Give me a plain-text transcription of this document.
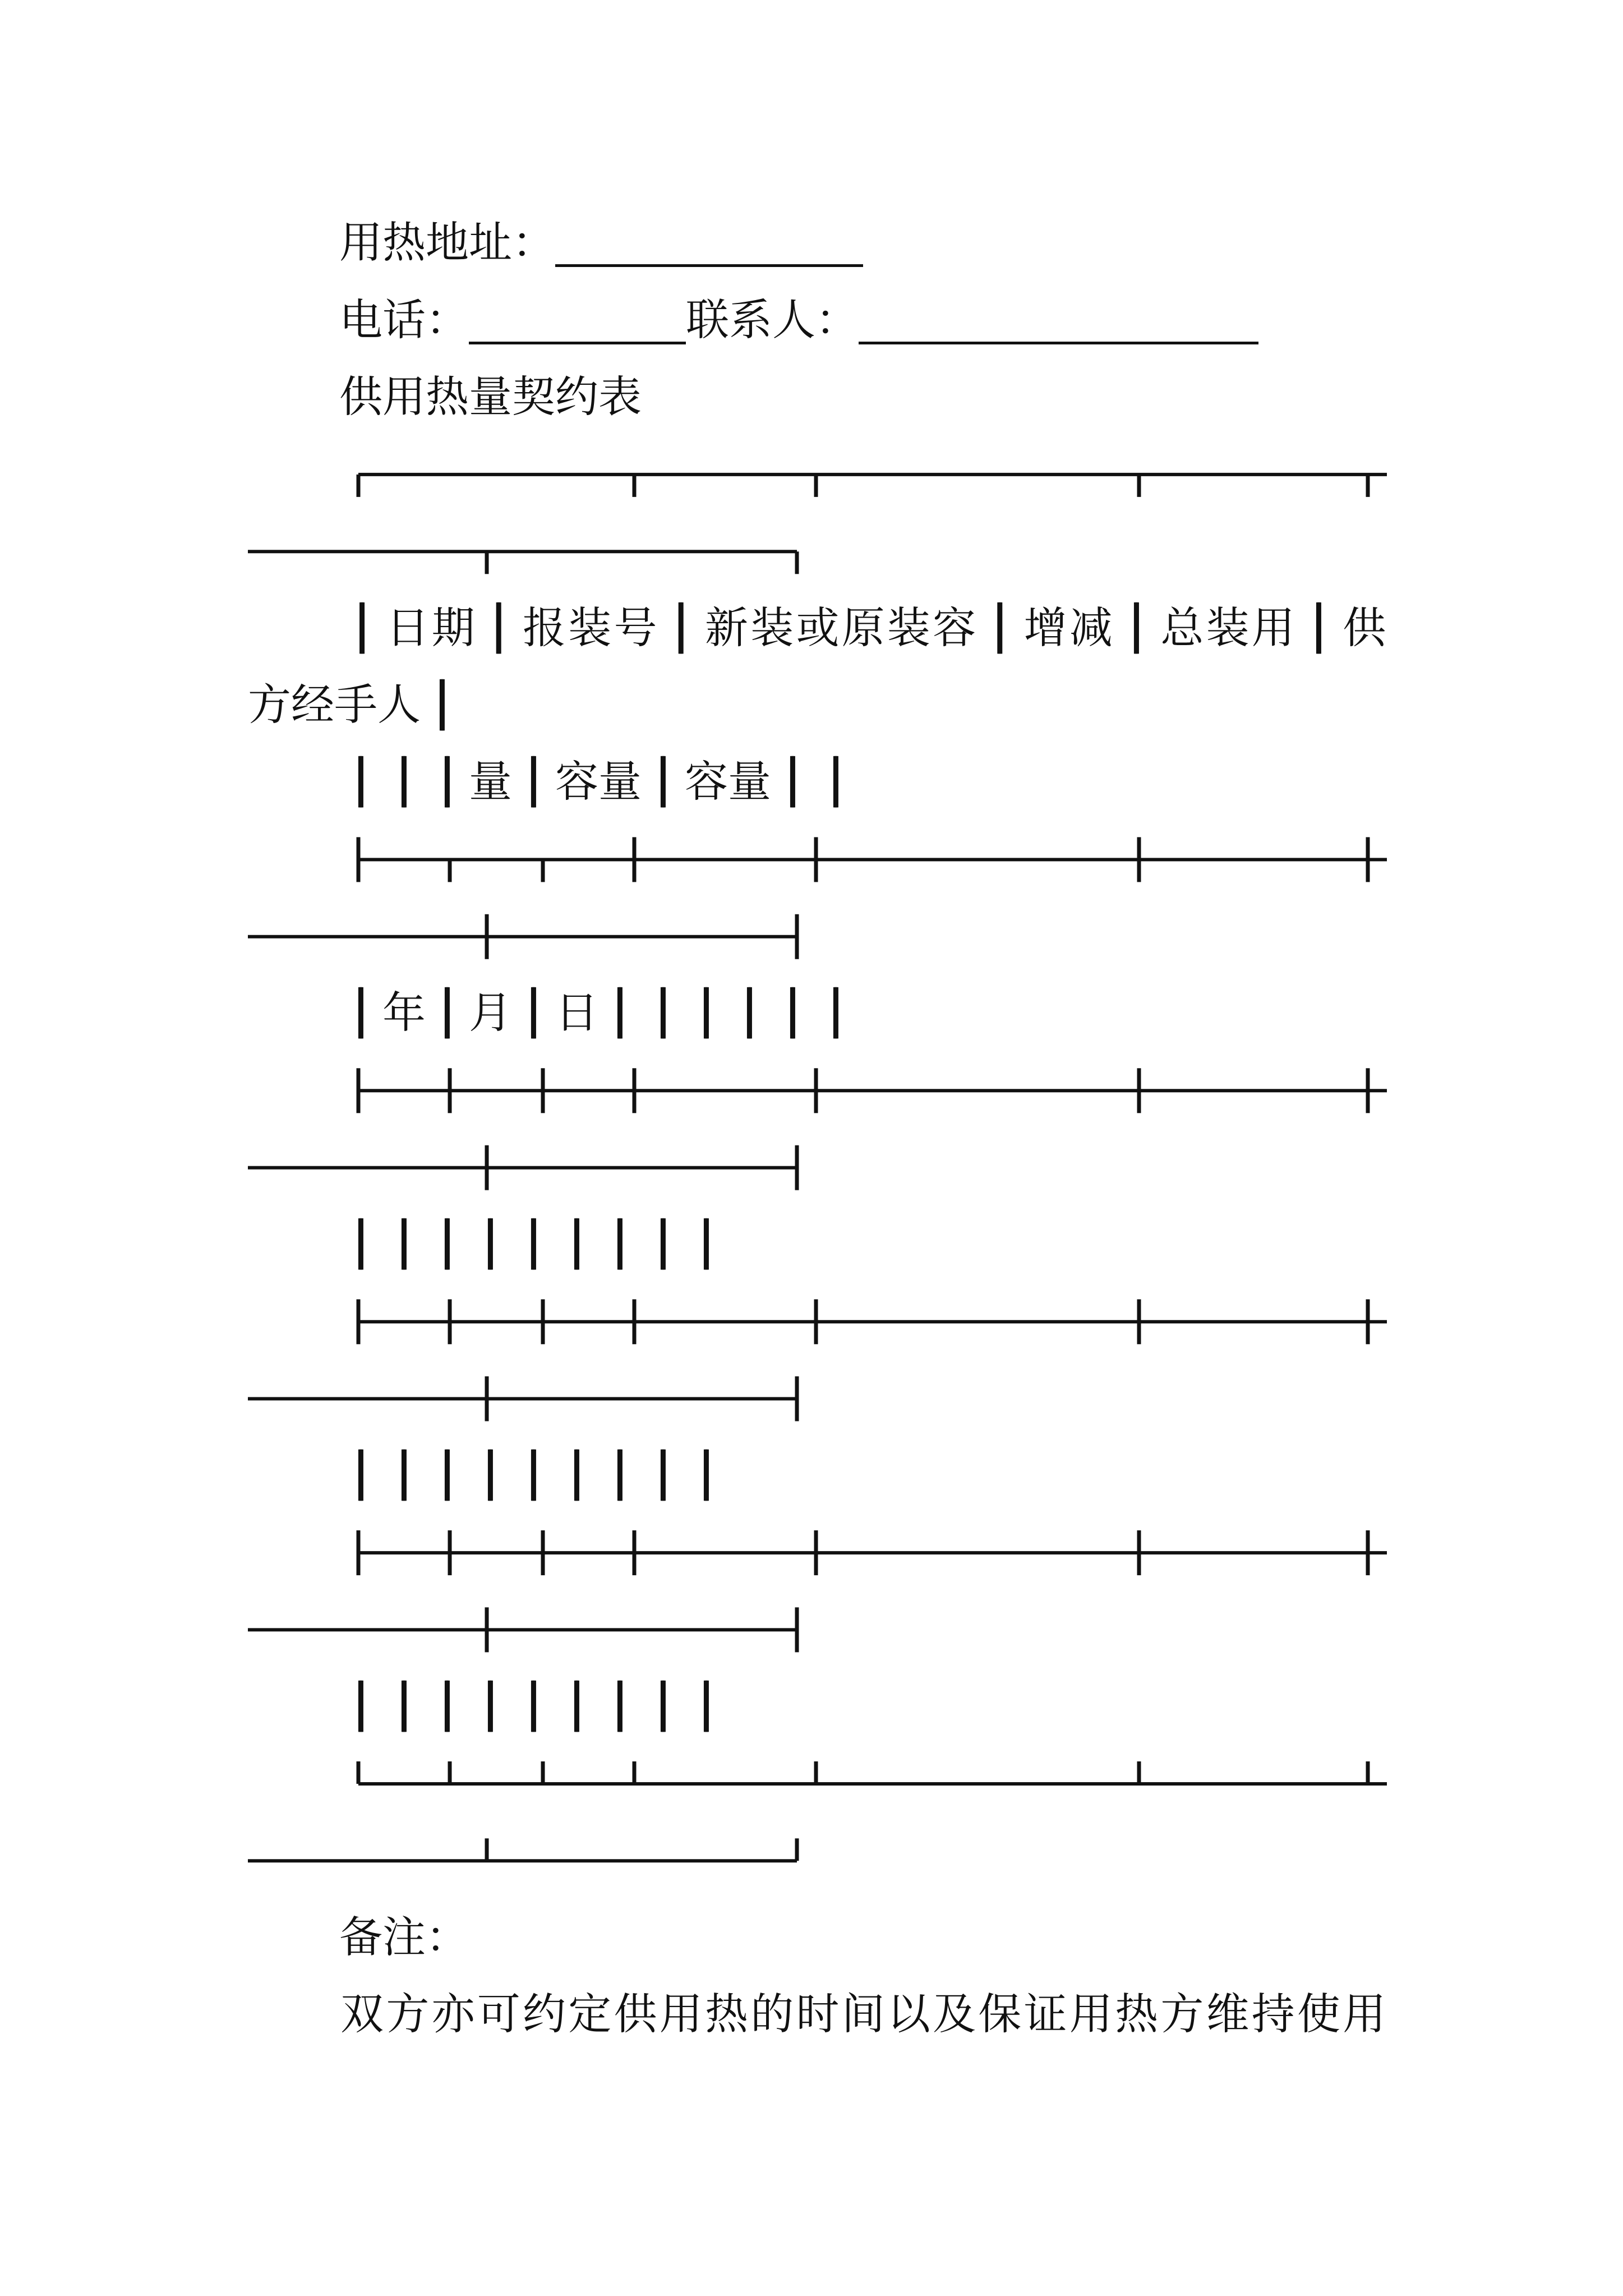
用 热 地 址 ：
电 话 ：	联 系 人 ：
供 用 热 量 契 约 表
│ 日 期 │ 报 装 号 │ 新 装 或 原 装 容 │ 增 减 │ 总 装 用 │ 供
方 经 手 人 │
│ │ │ 量 │ 容 量 │ 容 量 │ │
│ 年 │ 月 │ 日 │ │ │ │ │ │
│ │ │ │ │ │ │ │ │
│ │ │ │ │ │ │ │ │
│ │ │ │ │ │ │ │ │
备 注 ：
双 方 亦 可 约 定 供 用 热 的 时 间 以 及 保 证 用 热 方 维 持 使 用
